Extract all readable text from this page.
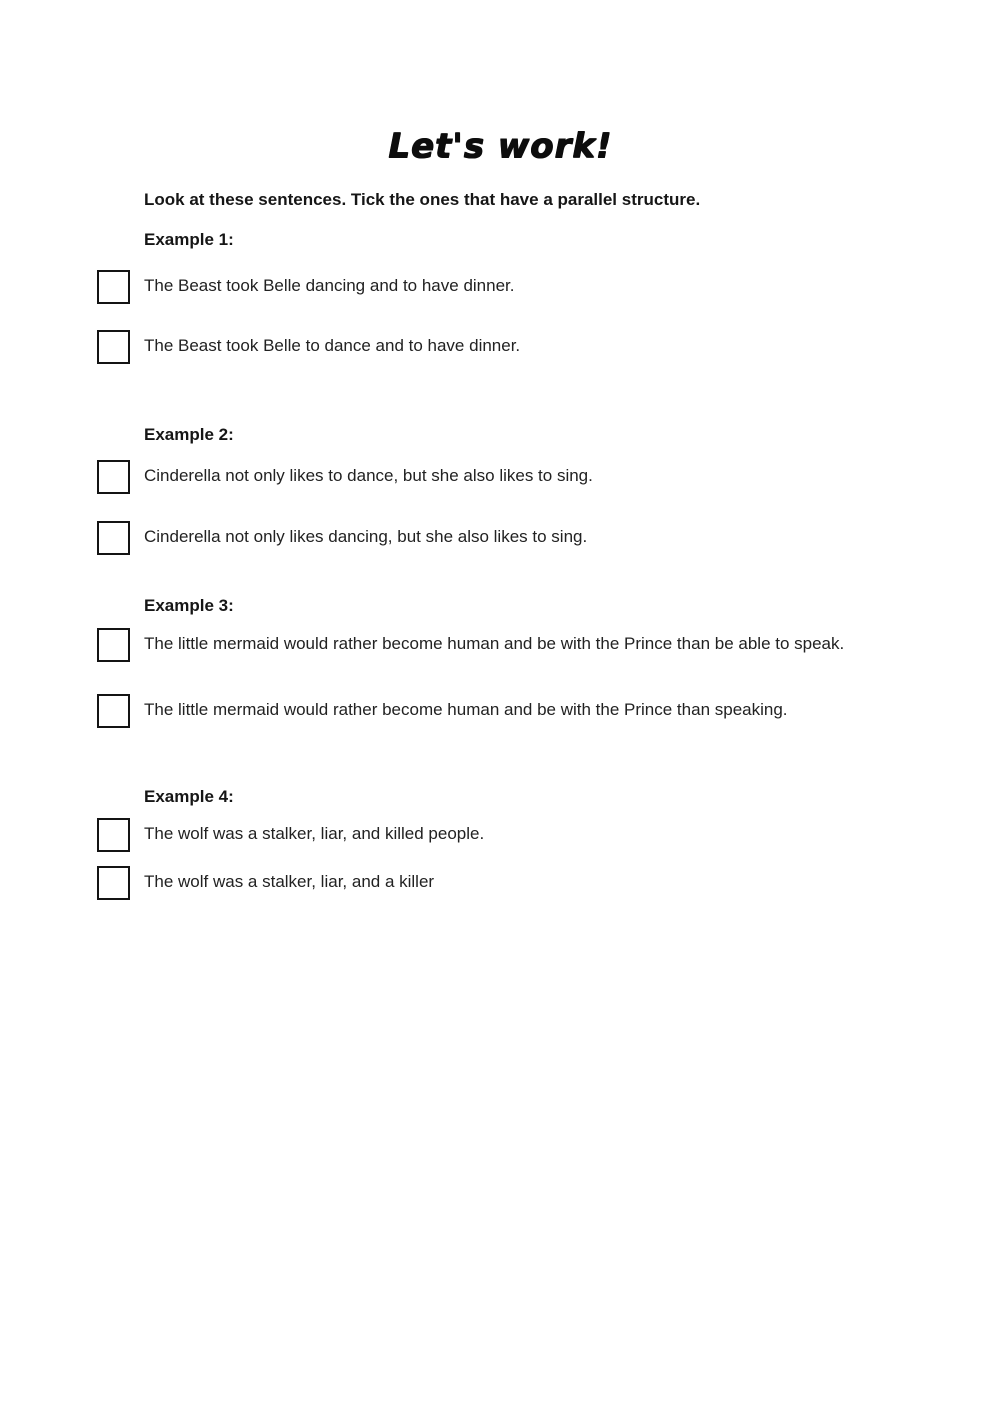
Let's work!

Look at these sentences. Tick the ones that have a parallel structure.

Example 1:
The Beast took Belle dancing and to have dinner.
The Beast took Belle to dance and to have dinner.
Example 2:
Cinderella not only likes to dance, but she also likes to sing.
Cinderella not only likes dancing, but she also likes to sing.
Example 3:
The little mermaid would rather become human and be with the Prince than be able to speak.
The little mermaid would rather become human and be with the Prince than speaking.
Example 4:
The wolf was a stalker, liar, and killed people.
The wolf was a stalker, liar, and a killer
